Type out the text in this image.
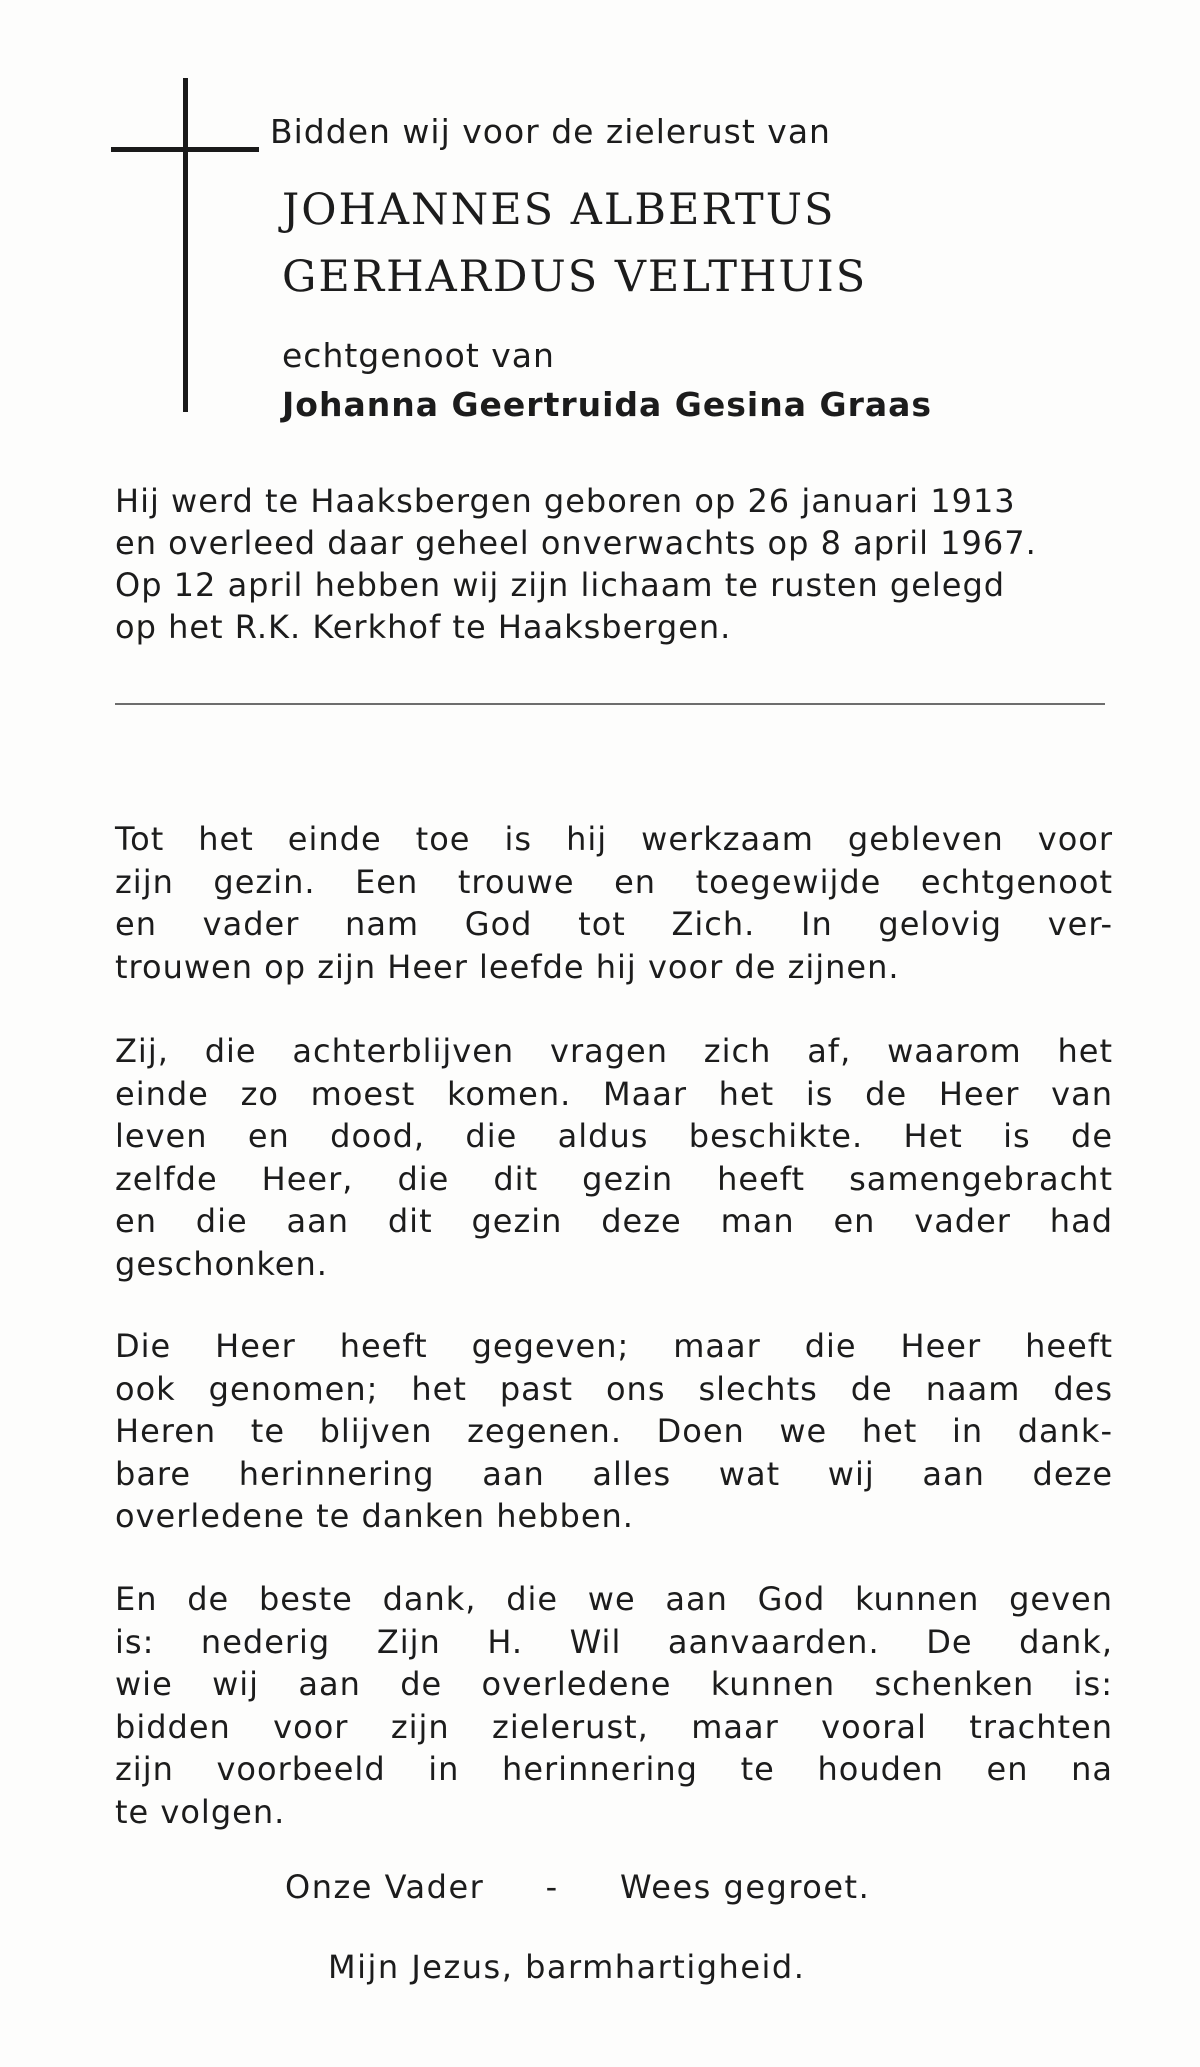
Bidden wij voor de zielerust van
JOHANNES ALBERTUS
GERHARDUS VELTHUIS
echtgenoot van
Johanna Geertruida Gesina Graas
Hij werd te Haaksbergen geboren op 26 januari 1913
en overleed daar geheel onverwachts op 8 april 1967.
Op 12 april hebben wij zijn lichaam te rusten gelegd
op het R.K. Kerkhof te Haaksbergen.
Tot het einde toe is hij werkzaam gebleven voor
zijn gezin. Een trouwe en toegewijde echtgenoot
en vader nam God tot Zich. In gelovig ver-
trouwen op zijn Heer leefde hij voor de zijnen.
Zij, die achterblijven vragen zich af, waarom het
einde zo moest komen. Maar het is de Heer van
leven en dood, die aldus beschikte. Het is de
zelfde Heer, die dit gezin heeft samengebracht
en die aan dit gezin deze man en vader had
geschonken.
Die Heer heeft gegeven; maar die Heer heeft
ook genomen; het past ons slechts de naam des
Heren te blijven zegenen. Doen we het in dank-
bare herinnering aan alles wat wij aan deze
overledene te danken hebben.
En de beste dank, die we aan God kunnen geven
is: nederig Zijn H. Wil aanvaarden. De dank,
wie wij aan de overledene kunnen schenken is:
bidden voor zijn zielerust, maar vooral trachten
zijn voorbeeld in herinnering te houden en na
te volgen.
Onze Vader - Wees gegroet.
Mijn Jezus, barmhartigheid.
